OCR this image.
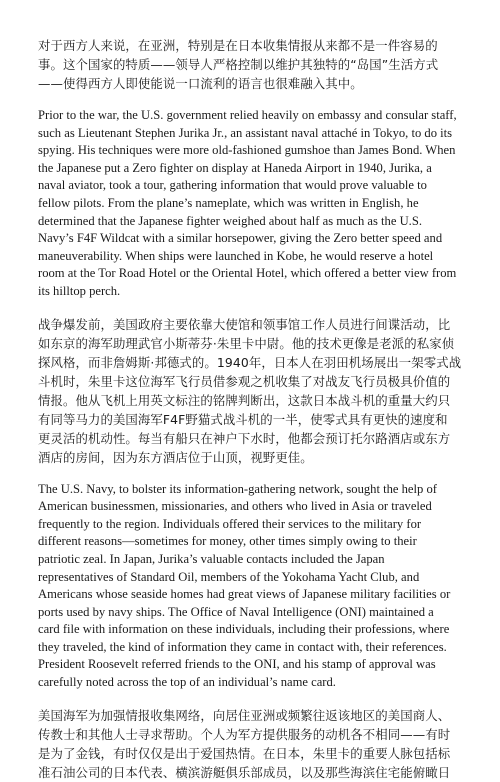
对于西方人来说，在亚洲，特别是在日本收集情报从来都不是一件容易的
事。这个国家的特质——领导人严格控制以维护其独特的“岛国”生活方式
——使得西方人即使能说一口流利的语言也很难融入其中。
Prior to the war, the U.S. government relied heavily on embassy and consular staff,
such as Lieutenant Stephen Jurika Jr., an assistant naval attaché in Tokyo, to do its
spying. His techniques were more old-fashioned gumshoe than James Bond. When
the Japanese put a Zero fighter on display at Haneda Airport in 1940, Jurika, a
naval aviator, took a tour, gathering information that would prove valuable to
fellow pilots. From the plane’s nameplate, which was written in English, he
determined that the Japanese fighter weighed about half as much as the U.S.
Navy’s F4F Wildcat with a similar horsepower, giving the Zero better speed and
maneuverability. When ships were launched in Kobe, he would reserve a hotel
room at the Tor Road Hotel or the Oriental Hotel, which offered a better view from
its hilltop perch.
战争爆发前，美国政府主要依靠大使馆和领事馆工作人员进行间谍活动，比
如东京的海军助理武官小斯蒂芬·朱里卡中尉。他的技术更像是老派的私家侦
探风格，而非詹姆斯·邦德式的。1940年，日本人在羽田机场展出一架零式战
斗机时，朱里卡这位海军飞行员借参观之机收集了对战友飞行员极具价值的
情报。他从飞机上用英文标注的铭牌判断出，这款日本战斗机的重量大约只
有同等马力的美国海军F4F野猫式战斗机的一半，使零式具有更快的速度和
更灵活的机动性。每当有船只在神户下水时，他都会预订托尔路酒店或东方
酒店的房间，因为东方酒店位于山顶，视野更佳。
The U.S. Navy, to bolster its information-gathering network, sought the help of
American businessmen, missionaries, and others who lived in Asia or traveled
frequently to the region. Individuals offered their services to the military for
different reasons—sometimes for money, other times simply owing to their
patriotic zeal. In Japan, Jurika’s valuable contacts included the Japan
representatives of Standard Oil, members of the Yokohama Yacht Club, and
Americans whose seaside homes had great views of Japanese military facilities or
ports used by navy ships. The Office of Naval Intelligence (ONI) maintained a
card file with information on these individuals, including their professions, where
they traveled, the kind of information they came in contact with, their references.
President Roosevelt referred friends to the ONI, and his stamp of approval was
carefully noted across the top of an individual’s name card.
美国海军为加强情报收集网络，向居住亚洲或频繁往返该地区的美国商人、
传教士和其他人士寻求帮助。个人为军方提供服务的动机各不相同——有时
是为了金钱，有时仅仅是出于爱国热情。在日本，朱里卡的重要人脉包括标
准石油公司的日本代表、横滨游艇俱乐部成员，以及那些海滨住宅能俯瞰日
